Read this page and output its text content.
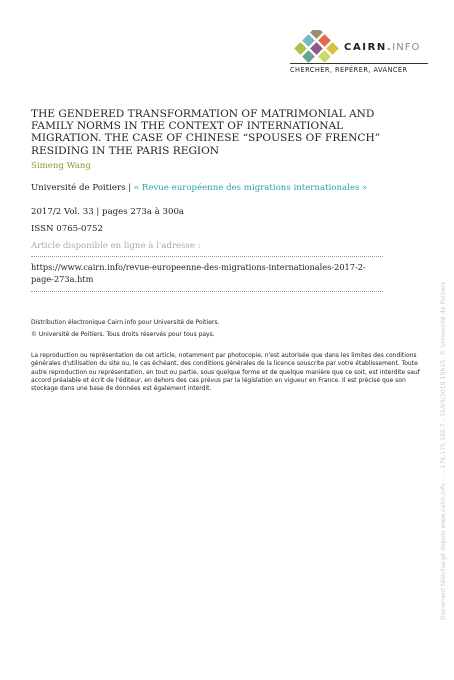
CAIRN.INFO
CHERCHER, REPÉRER, AVANCER
THE GENDERED TRANSFORMATION OF MATRIMONIAL AND FAMILY NORMS IN THE CONTEXT OF INTERNATIONAL MIGRATION. THE CASE OF CHINESE “SPOUSES OF FRENCH” RESIDING IN THE PARIS REGION
Simeng Wang
Université de Poitiers | « Revue européenne des migrations internationales »
2017/2 Vol. 33 | pages 273a à 300a
ISSN 0765-0752
Article disponible en ligne à l'adresse :
https://www.cairn.info/revue-europeenne-des-migrations-internationales-2017-2-page-273a.htm
Distribution électronique Cairn.info pour Université de Poitiers.
© Université de Poitiers. Tous droits réservés pour tous pays.
La reproduction ou représentation de cet article, notamment par photocopie, n'est autorisée que dans les limites des conditions générales d'utilisation du site ou, le cas échéant, des conditions générales de la licence souscrite par votre établissement. Toute autre reproduction ou représentation, en tout ou partie, sous quelque forme et de quelque manière que ce soit, est interdite sauf accord préalable et écrit de l'éditeur, en dehors des cas prévus par la législation en vigueur en France. Il est précisé que son stockage dans une base de données est également interdit.	Document téléchargé depuis www.cairn.info - - - 176.175.165.7 - 31/05/2019 15h25. © Université de Poitiers
